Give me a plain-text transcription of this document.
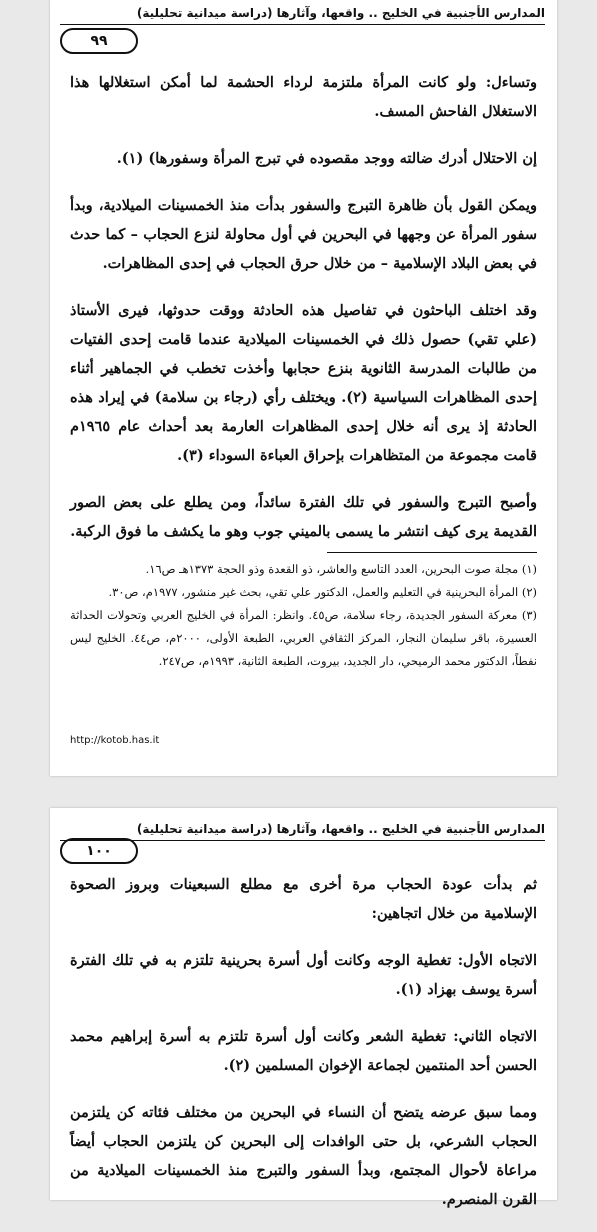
المدارس الأجنبية في الخليج .. واقعها، وآثارها (دراسة ميدانية تحليلية)
٩٩

وتساءل: ولو كانت المرأة ملتزمة لرداء الحشمة لما أمكن استغلالها هذا الاستغلال الفاحش المسف.

إن الاحتلال أدرك ضالته ووجد مقصوده في تبرج المرأة وسفورها) (١).

ويمكن القول بأن ظاهرة التبرج والسفور بدأت منذ الخمسينات الميلادية، وبدأ سفور المرأة عن وجهها في البحرين في أول محاولة لنزع الحجاب – كما حدث في بعض البلاد الإسلامية – من خلال حرق الحجاب في إحدى المظاهرات.

وقد اختلف الباحثون في تفاصيل هذه الحادثة ووقت حدوثها، فيرى الأستاذ (علي تقي) حصول ذلك في الخمسينات الميلادية عندما قامت إحدى الفتيات من طالبات المدرسة الثانوية بنزع حجابها وأخذت تخطب في الجماهير أثناء إحدى المظاهرات السياسية (٢). ويختلف رأي (رجاء بن سلامة) في إيراد هذه الحادثة إذ يرى أنه خلال إحدى المظاهرات العارمة بعد أحداث عام ١٩٦٥م قامت مجموعة من المتظاهرات بإحراق العباءة السوداء (٣).

وأصبح التبرج والسفور في تلك الفترة سائداً، ومن يطلع على بعض الصور القديمة يرى كيف انتشر ما يسمى بالميني جوب وهو ما يكشف ما فوق الركبة.

(١) مجلة صوت البحرين، العدد التاسع والعاشر، ذو القعدة وذو الحجة ١٣٧٣هـ ص١٦.
(٢) المرأة البحرينية في التعليم والعمل، الدكتور علي تقي، بحث غير منشور، ١٩٧٧م، ص٣٠.
(٣) معركة السفور الجديدة، رجاء سلامة، ص٤٥. وانظر: المرأة في الخليج العربي وتحولات الحداثة العسيرة، باقر سليمان النجار، المركز الثقافي العربي، الطبعة الأولى، ٢٠٠٠م، ص٤٤. الخليج ليس نفطاً، الدكتور محمد الرميحي، دار الجديد، بيروت، الطبعة الثانية، ١٩٩٣م، ص٢٤٧.
http://kotob.has.it
المدارس الأجنبية في الخليج .. واقعها، وآثارها (دراسة ميدانية تحليلية)
١٠٠

ثم بدأت عودة الحجاب مرة أخرى مع مطلع السبعينات وبروز الصحوة الإسلامية من خلال اتجاهين:

الاتجاه الأول: تغطية الوجه وكانت أول أسرة بحرينية تلتزم به في تلك الفترة أسرة يوسف بهزاد (١).

الاتجاه الثاني: تغطية الشعر وكانت أول أسرة تلتزم به أسرة إبراهيم محمد الحسن أحد المنتمين لجماعة الإخوان المسلمين (٢).

ومما سبق عرضه يتضح أن النساء في البحرين من مختلف فئاته كن يلتزمن الحجاب الشرعي، بل حتى الوافدات إلى البحرين كن يلتزمن الحجاب أيضاً مراعاة لأحوال المجتمع، وبدأ السفور والتبرج منذ الخمسينات الميلادية من القرن المنصرم.
